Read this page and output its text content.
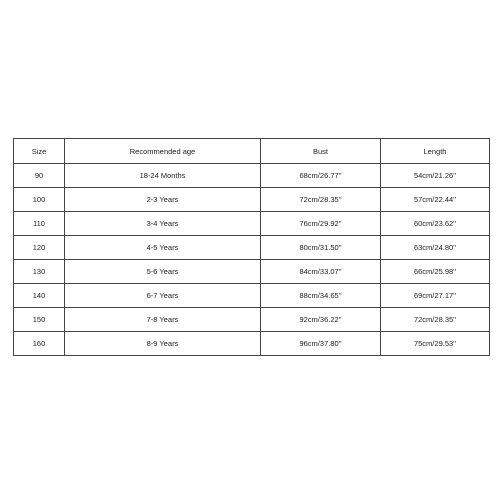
Size	Recommended age	Bust	Length
90	18-24 Months	68cm/26.77''	54cm/21.26''
100	2-3 Years	72cm/28.35''	57cm/22.44''
110	3-4 Years	76cm/29.92''	60cm/23.62''
120	4-5 Years	80cm/31.50''	63cm/24.80''
130	5-6 Years	84cm/33.07''	66cm/25.98''
140	6-7 Years	88cm/34.65''	69cm/27.17''
150	7-8 Years	92cm/36.22''	72cm/28.35''
160	8-9 Years	96cm/37.80''	75cm/29.53''
